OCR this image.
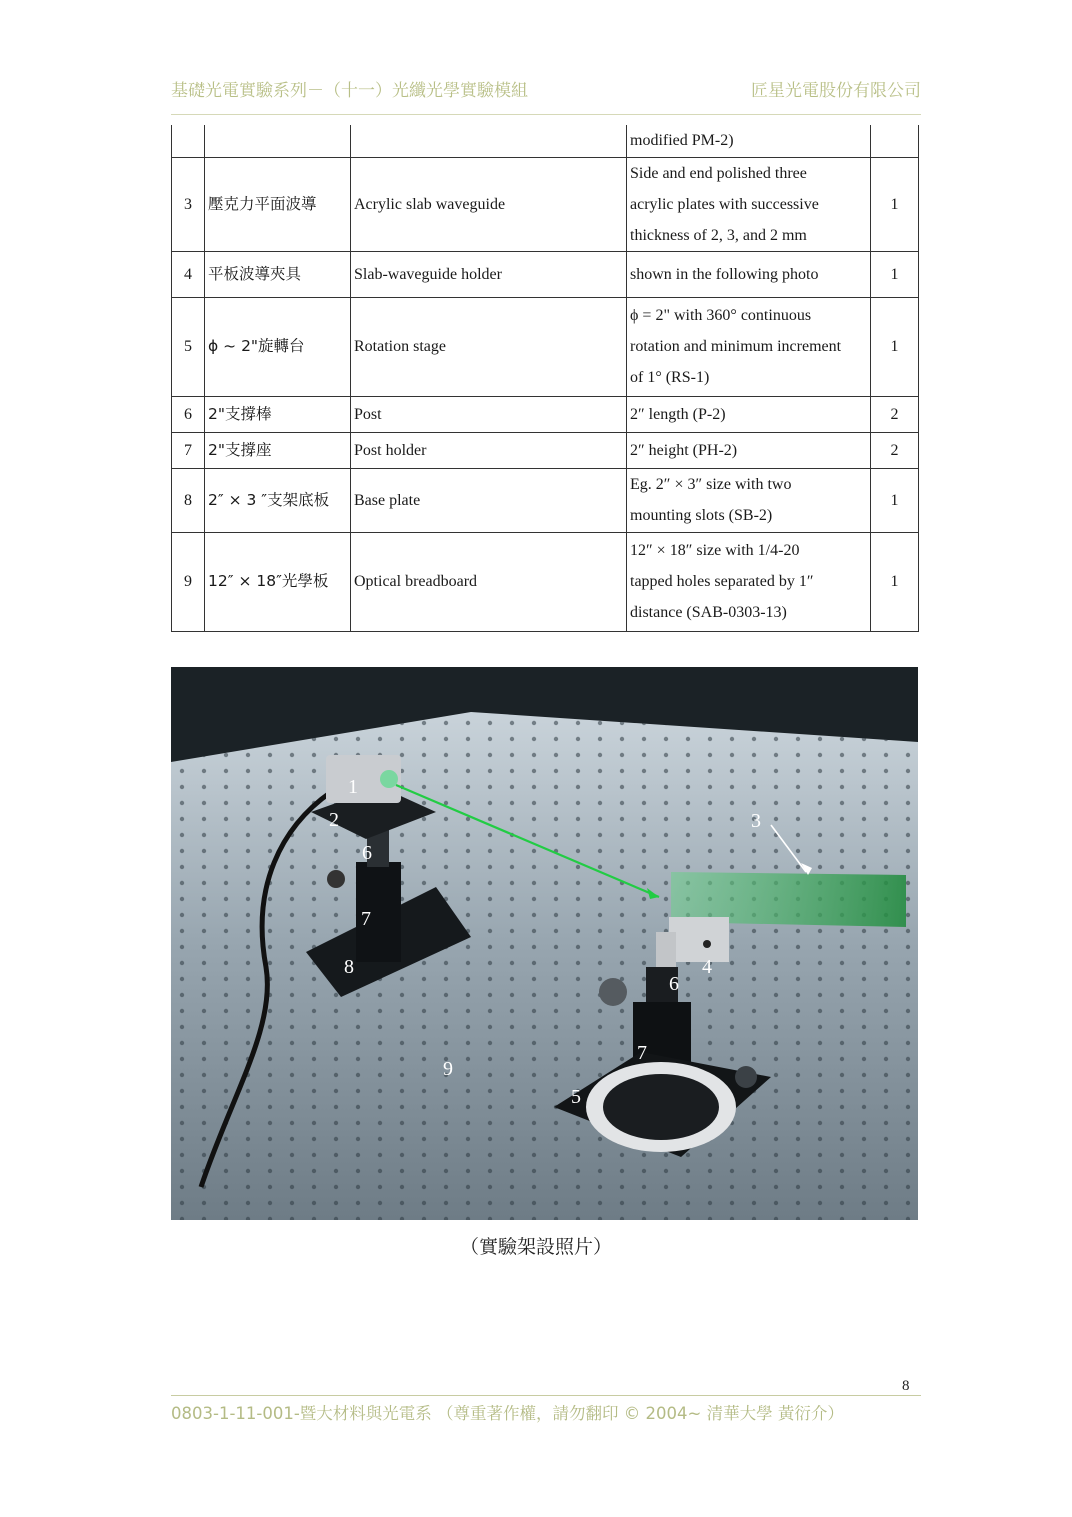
基礎光電實驗系列－（十一）光纖光學實驗模組	匠星光電股份有限公司
			modified PM-2)	
3	壓克力平面波導	Acrylic slab waveguide	Side and end polished three
acrylic plates with successive
thickness of 2, 3, and 2 mm	1
4	平板波導夾具	Slab-waveguide holder	shown in the following photo	1
5	ϕ ~ 2"旋轉台	Rotation stage	ϕ = 2" with 360° continuous
rotation and minimum increment
of 1° (RS-1)	1
6	2"支撐棒	Post	2″ length (P-2)	2
7	2"支撐座	Post holder	2″ height (PH-2)	2
8	2″ × 3 ″支架底板	Base plate	Eg. 2″ × 3″ size with two
mounting slots (SB-2)	1
9	12″ × 18″光學板	Optical breadboard	12″ × 18″ size with 1/4-20
tapped holes separated by 1″
distance (SAB-0303-13)	1
1
2	3
4
5
6
6
7
7
8
9
（實驗架設照片）
8
0803-1-11-001-暨大材料與光電系 （尊重著作權，請勿翻印 © 2004~ 清華大學 黃衍介）
